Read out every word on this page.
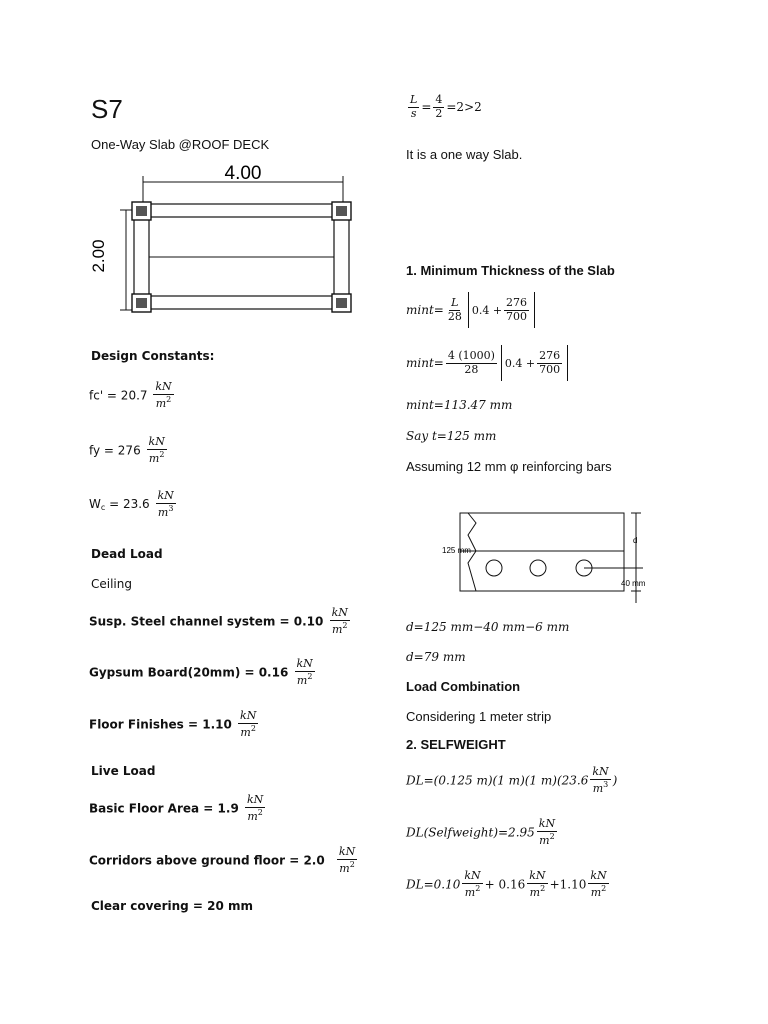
S7
One-Way Slab @ROOF DECK
4.00
2.00
Design Constants:
$fc' = 20.7 \frac{kN}{m^2}$
fy = $276 \frac{kN}{m^2}$
$Wc = 23.6 \frac{kN}{m^3}$
Dead Load
Ceiling
Susp. Steel channel system = $0.10 \frac{kN}{m^2}$
Gypsum Board(20mm) = $0.16 \frac{kN}{m^2}$
Floor Finishes = $1.10 \frac{kN}{m^2}$
Live Load
Basic Floor Area = $1.9 \frac{kN}{m^2}$
Corridors above ground floor = $2.0 \frac{kN}{m^2}$
Clear covering = 20 mm
$\frac{L}{s} = \frac{4}{2} =2>2$
It is a one way Slab.
1. Minimum Thickness of the Slab
$\min t= \frac{L}{28} 0.4 + \frac{276}{700}$
$\min t= \frac{4 (1000)}{28} 0.4 + \frac{276}{700}$
mint=113.47 mm
Say t=125 mm
Assuming 12 mm φ reinforcing bars
125 mm
d
40 mm
d=125 mm−40 mm−6 mm
d=79 mm
Load Combination
Considering 1 meter strip
2. SELFWEIGHT
DL=(0.125 m)(1 m)(1 $m)(23.6 \frac{kN}{m^3}$ )
DL(Selfweight)=2.95 $\frac{kN}{m^2}$
$DL=0.10 \frac{kN}{m^2} + 0.16 \frac{kN}{m^2} +1.10 \frac{kN}{m^2}$
